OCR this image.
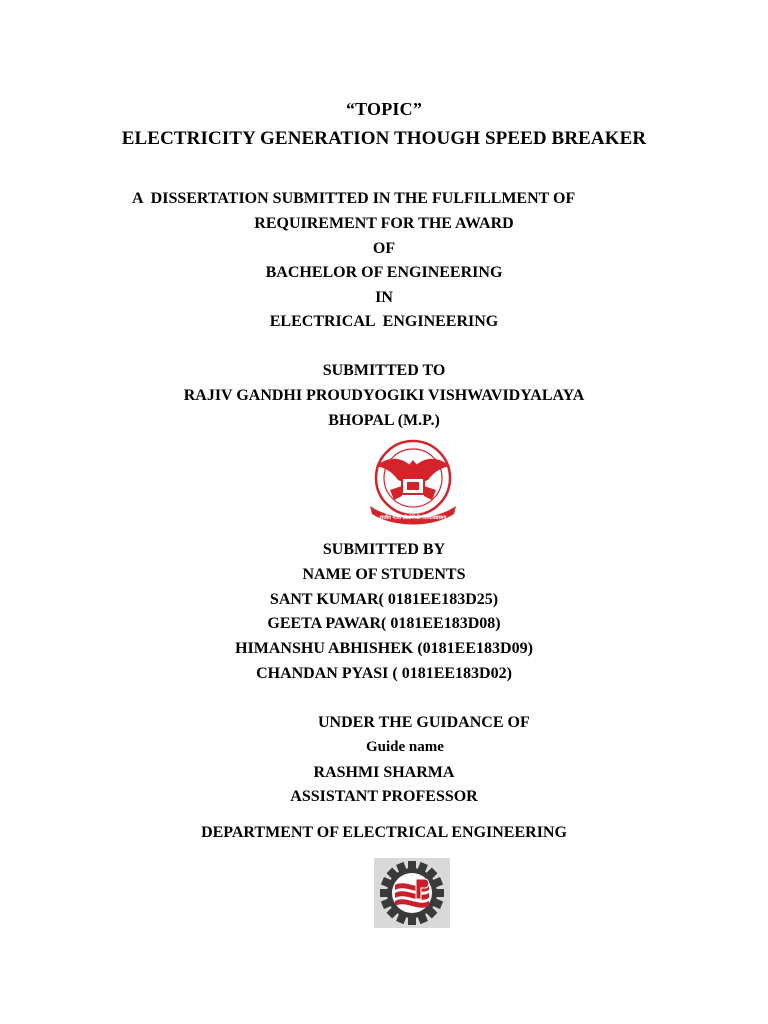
“TOPIC”
ELECTRICITY GENERATION THOUGH SPEED BREAKER
A  DISSERTATION SUBMITTED IN THE FULFILLMENT OF
REQUIREMENT FOR THE AWARD
OF
BACHELOR OF ENGINEERING
IN
ELECTRICAL  ENGINEERING
SUBMITTED TO
RAJIV GANDHI PROUDYOGIKI VISHWAVIDYALAYA
BHOPAL (M.P.)
राजीव गांधी प्रौद्योगिकी विश्वविद्यालय
SUBMITTED BY
NAME OF STUDENTS
SANT KUMAR( 0181EE183D25)
GEETA PAWAR( 0181EE183D08)
HIMANSHU ABHISHEK (0181EE183D09)
CHANDAN PYASI ( 0181EE183D02)
UNDER THE GUIDANCE OF
Guide name
RASHMI SHARMA
ASSISTANT PROFESSOR
DEPARTMENT OF ELECTRICAL ENGINEERING
